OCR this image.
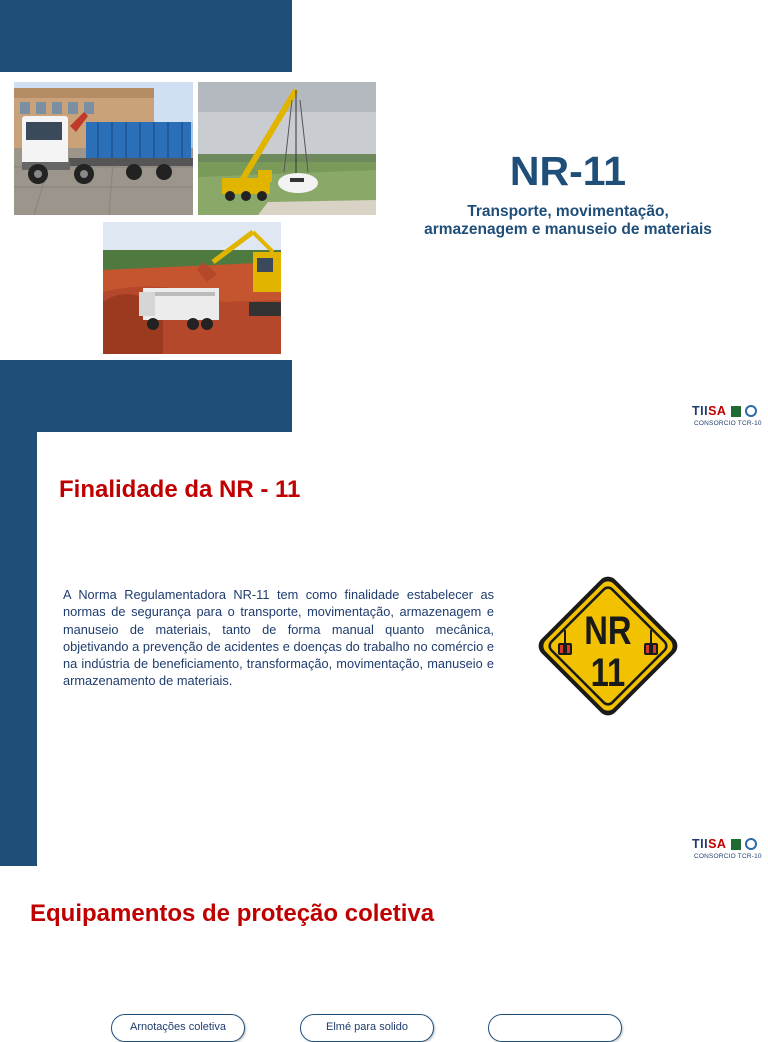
NR-11
Transporte, movimentação,
armazenagem e manuseio de materiais
TIISA
CONSORCIO TCR-10
Finalidade da NR - 11

A Norma Regulamentadora NR-11 tem como finalidade estabelecer as normas de segurança para o transporte, movimentação, armazenagem e manuseio de materiais, tanto de forma manual quanto mecânica, objetivando a prevenção de acidentes e doenças do trabalho no comércio e na indústria de beneficiamento, transformação, movimentação, manuseio e armazenamento de materiais.

NR
11
TIISA
CONSORCIO TCR-10
Equipamentos de proteção coletiva
Arnotações coletiva	Elmé para solido
